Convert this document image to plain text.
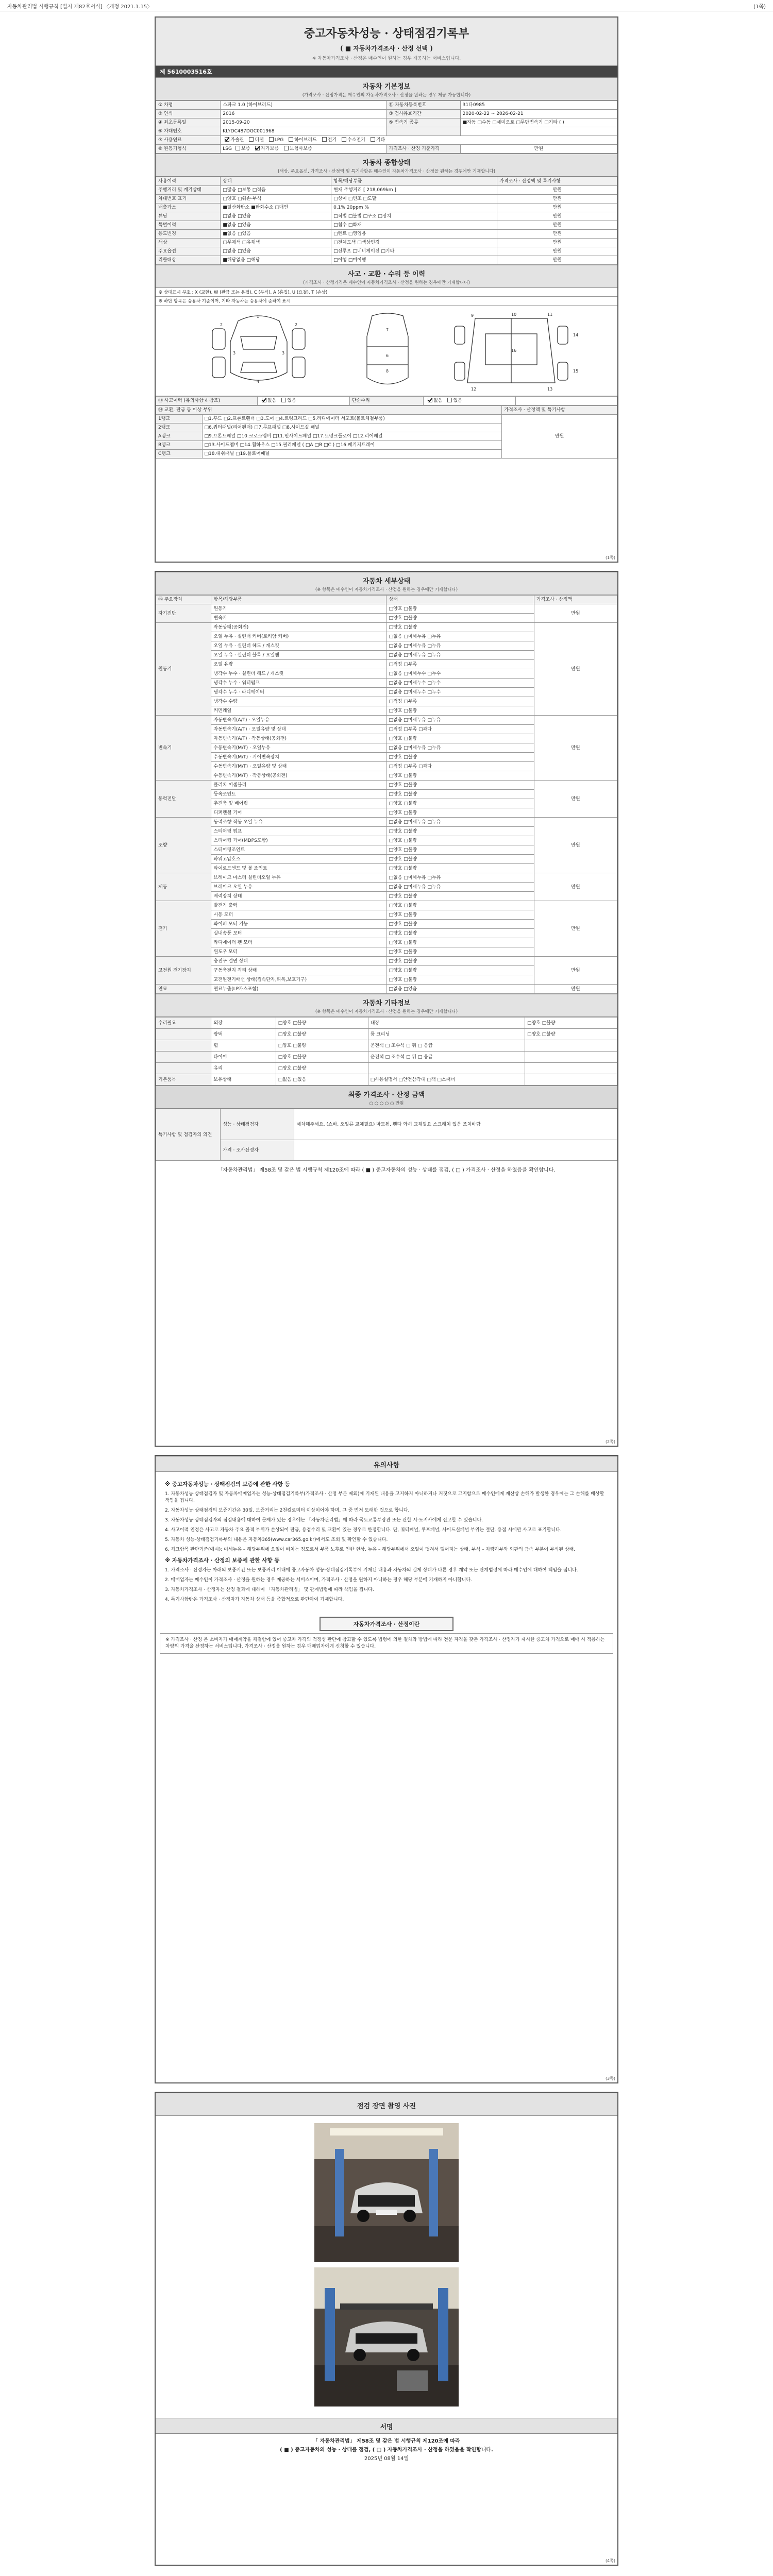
자동차관리법 시행규칙 [별지 제82호서식] 〈개정 2021.1.15〉	(1쪽)
중고자동차성능 · 상태점검기록부
( ■ 자동차가격조사 · 산정 선택 )
※ 자동차가격조사 · 산정은 매수인이 원하는 경우 제공하는 서비스입니다.
제 5610003516호
자동차 기본정보
(가격조사 · 산정가격은 매수인의 자동차가격조사 · 산정을 원하는 경우 제공 가능합니다)
① 차명	스파크 1.0 (하이브리드)	⑪ 자동차등록번호	31다0985
② 연식	2016	③ 검사유효기간	2020-02-22 ~ 2026-02-21
④ 최초등록일	2015-09-20	⑤ 변속기 종류	■자동 □수동 □세미오토 □무단변속기 □기타 ( )
⑥ 차대번호	KLYDC487DGC001968		
⑦ 사용연료	가솔린 디젤 LPG 하이브리드 전기 수소전기 기타		
⑧ 원동기형식	LSG 보증 자가보증 보험사보증	가격조사 · 산정 기준가격	만원
자동차 종합상태
(색상, 주요옵션, 가격조사 · 산정액 및 특기사항은 매수인이 자동차가격조사 · 산정을 원하는 경우에만 기재합니다)
사용이력	상태	항목/해당부품	가격조사 · 산정액 및 특기사항
주행거리 및 계기상태	□많음 □보통 □적음	현재 주행거리 [ 218,069km ]	만원
차대번호 표기	□양호 □훼손·부식	□상이 □변조 □도말	만원
배출가스	■일산화탄소 ■탄화수소 □매연	0.1% 20ppm %	만원
튜닝	□없음 □있음	□적법 □불법 □구조 □장치	만원
특별이력	■없음 □있음	□침수 □화재	만원
용도변경	■없음 □있음	□렌트 □영업용	만원
색상	□무채색 □유채색	□전체도색 □색상변경	만원
주요옵션	□없음 □있음	□선루프 □네비게이션 □기타	만원
리콜대상	■해당없음 □해당	□이행 □미이행	만원
사고 · 교환 · 수리 등 이력
(가격조사 · 산정가격은 매수인이 자동차가격조사 · 산정을 원하는 경우에만 기재합니다)
※ 상태표시 부호 : X (교환), W (판금 또는 용접), C (부식), A (흠집), U (요철), T (손상)
※ 하단 항목은 승용차 기준이며, 기타 자동차는 승용차에 준하여 표시
1
2	2
3	3
4
7
6
8
9	10	11
16
12	13
14
15
⑬ 사고이력 (유의사항 4 참조)	없음 있음	단순수리	없음 있음	
⑭ 교환, 판금 등 이상 부위		가격조사 · 산정액 및 특기사항
1랭크	□1.후드 □2.프론트휀더 □3.도어 □4.트렁크리드 □5.라디에이터 서포트(볼트체결부품)	만원
2랭크	□6.쿼터패널(리어펜더) □7.루프패널 □8.사이드실 패널	
A랭크	□9.프론트패널 □10.크로스멤버 □11.인사이드패널 □17.트렁크플로어 □12.리어패널	
B랭크	□13.사이드멤버 □14.휠하우스 □15.필러패널 ( □A □B □C ) □16.패키지트레이	
C랭크	□18.대쉬패널 □19.플로어패널	
(1쪽)
자동차 세부상태
(※ 항목은 매수인이 자동차가격조사 · 산정을 원하는 경우에만 기재합니다)
⑮ 주요장치	항목/해당부품	상태	가격조사 · 산정액
자기진단	원동기	□양호 □불량	만원
	변속기	□양호 □불량	
원동기	작동상태(공회전)	□양호 □불량	만원
	오일 누유 · 실린더 커버(로커암 커버)	□없음 □미세누유 □누유	
	오일 누유 · 실린더 헤드 / 개스킷	□없음 □미세누유 □누유	
	오일 누유 · 실린더 블록 / 오일팬	□없음 □미세누유 □누유	
	오일 유량	□적정 □부족	
	냉각수 누수 · 실린더 헤드 / 개스킷	□없음 □미세누수 □누수	
	냉각수 누수 · 워터펌프	□없음 □미세누수 □누수	
	냉각수 누수 · 라디에이터	□없음 □미세누수 □누수	
	냉각수 수량	□적정 □부족	
	커먼레일	□양호 □불량	
변속기	자동변속기(A/T) · 오일누유	□없음 □미세누유 □누유	만원
	자동변속기(A/T) · 오일유량 및 상태	□적정 □부족 □과다	
	자동변속기(A/T) · 작동상태(공회전)	□양호 □불량	
	수동변속기(M/T) · 오일누유	□없음 □미세누유 □누유	
	수동변속기(M/T) · 기어변속장치	□양호 □불량	
	수동변속기(M/T) · 오일유량 및 상태	□적정 □부족 □과다	
	수동변속기(M/T) · 작동상태(공회전)	□양호 □불량	
동력전달	클러치 어셈블리	□양호 □불량	만원
	등속조인트	□양호 □불량	
	추진축 및 베어링	□양호 □불량	
	디퍼렌셜 기어	□양호 □불량	
조향	동력조향 작동 오일 누유	□없음 □미세누유 □누유	만원
	스티어링 펌프	□양호 □불량	
	스티어링 기어(MDPS포함)	□양호 □불량	
	스티어링조인트	□양호 □불량	
	파워고압호스	□양호 □불량	
	타이로드엔드 및 볼 조인트	□양호 □불량	
제동	브레이크 마스터 실린더오일 누유	□없음 □미세누유 □누유	만원
	브레이크 오일 누유	□없음 □미세누유 □누유	
	배력장치 상태	□양호 □불량	
전기	발전기 출력	□양호 □불량	만원
	시동 모터	□양호 □불량	
	와이퍼 모터 기능	□양호 □불량	
	실내송풍 모터	□양호 □불량	
	라디에이터 팬 모터	□양호 □불량	
	윈도우 모터	□양호 □불량	
고전원 전기장치	충전구 절연 상태	□양호 □불량	만원
	구동축전지 격리 상태	□양호 □불량	
	고전원전기배선 상태(접속단자,피복,보호기구)	□양호 □불량	
연료	연료누출(LP가스포함)	□없음 □있음	만원
자동차 기타정보
(※ 항목은 매수인이 자동차가격조사 · 산정을 원하는 경우에만 기재합니다)
수리필요	외장	□양호 □불량	내장	□양호 □불량
	광택	□양호 □불량	룸 크리닝	□양호 □불량
	휠	□양호 □불량	운전석 □ 조수석 □ 뒤 □ 응급	
	타이어	□양호 □불량	운전석 □ 조수석 □ 뒤 □ 응급	
	유리	□양호 □불량		
기본품목	보유상태	□없음 □있음	□사용설명서 □안전삼각대 □잭 □스패너	
최종 가격조사 · 산정 금액
○ ○ ○ ○ ○ 만원
특기사항 및 점검자의 의견	성능 · 상태점검자	세차해주세요. (쇼바, 오일류 교체필요) 마모됨. 휀다 와셔 교체필요 스크래치 있음 조치바람
	가격 · 조사산정자	
「자동차관리법」 제58조 및 같은 법 시행규칙 제120조에 따라 ( ■ ) 중고자동차의 성능 · 상태를 점검, ( □ ) 가격조사 · 산정을 하였음을 확인합니다.
(2쪽)
유의사항
※ 중고자동차성능 · 상태점검의 보증에 관한 사항 등

1. 자동차성능·상태점검자 및 자동차매매업자는 성능·상태점검기록부(가격조사 · 산정 부분 제외)에 기재된 내용을 고지하지 아니하거나 거짓으로 고지함으로 매수인에게 재산상 손해가 발생한 경우에는 그 손해를 배상할 책임을 집니다.

2. 자동차성능·상태점검의 보증기간은 30일, 보증거리는 2천킬로미터 이상이어야 하며, 그 중 먼저 도래한 것으로 합니다.

3. 자동차성능·상태점검자의 점검내용에 대하여 문제가 있는 경우에는 「자동차관리법」에 따라 국토교통부장관 또는 관할 시·도지사에게 신고할 수 있습니다.

4. 사고이력 인정은 사고로 자동차 주요 골격 부위가 손상되어 판금, 용접수리 및 교환이 있는 경우로 한정합니다. 단, 쿼터패널, 루프패널, 사이드실패널 부위는 절단, 용접 시에만 사고로 표기합니다.

5. 자동차 성능·상태점검기록부의 내용은 자동차365(www.car365.go.kr)에서도 조회 및 확인할 수 있습니다.

6. 체크항목 판단기준(예시): 미세누유 – 해당부위에 오일이 비치는 정도로서 부품 노후로 인한 현상. 누유 – 해당부위에서 오일이 맺혀서 떨어지는 상태. 부식 – 차량하부와 외판의 금속 부분이 부식된 상태.

※ 자동차가격조사 · 산정의 보증에 관한 사항 등

1. 가격조사 · 산정자는 아래의 보증기간 또는 보증거리 이내에 중고자동차 성능·상태점검기록부에 기재된 내용과 자동차의 실제 상태가 다른 경우 계약 또는 관계법령에 따라 매수인에 대하여 책임을 집니다.

2. 매매업자는 매수인이 가격조사 · 산정을 원하는 경우 제공하는 서비스이며, 가격조사 · 산정을 원하지 아니하는 경우 해당 부분에 기재하지 아니합니다.

3. 자동차가격조사 · 산정자는 산정 결과에 대하여 「자동차관리법」 및 관계법령에 따라 책임을 집니다.

4. 특기사항란은 가격조사 · 산정자가 자동차 상태 등을 종합적으로 판단하여 기재합니다.

자동차가격조사 · 산정이란
※ 가격조사 · 산정 은 소비자가 매매계약을 체결함에 있어 중고차 가격의 적정성 판단에 참고할 수 있도록 법령에 의한 절차와 방법에 따라 전문 자격을 갖춘 가격조사 · 산정자가 제시한 중고차 가격으로 매매 시 적용하는 차량의 가격을 산정하는 서비스입니다. 가격조사 · 산정을 원하는 경우 매매업자에게 신청할 수 있습니다.
(3쪽)
점검 장면 촬영 사진
서명
「 자동차관리법」 제58조 및 같은 법 시행규칙 제120조에 따라
( ■ ) 중고자동차의 성능 · 상태를 점검, ( □ ) 자동차가격조사 · 산정을 하였음을 확인합니다.
2025년 08월 14일
(4쪽)
